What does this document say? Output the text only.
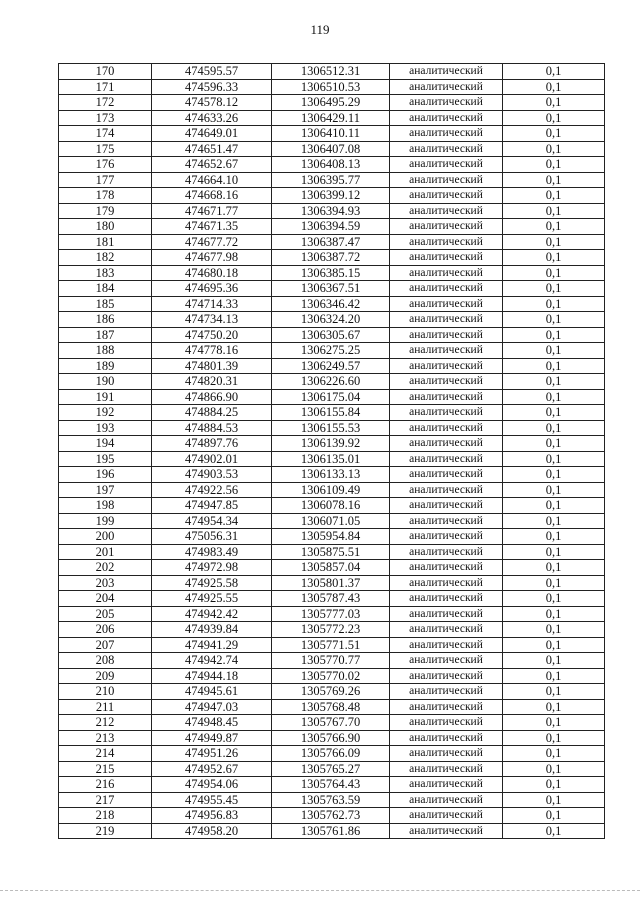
119
170	474595.57	1306512.31	аналитический	0,1
171	474596.33	1306510.53	аналитический	0,1
172	474578.12	1306495.29	аналитический	0,1
173	474633.26	1306429.11	аналитический	0,1
174	474649.01	1306410.11	аналитический	0,1
175	474651.47	1306407.08	аналитический	0,1
176	474652.67	1306408.13	аналитический	0,1
177	474664.10	1306395.77	аналитический	0,1
178	474668.16	1306399.12	аналитический	0,1
179	474671.77	1306394.93	аналитический	0,1
180	474671.35	1306394.59	аналитический	0,1
181	474677.72	1306387.47	аналитический	0,1
182	474677.98	1306387.72	аналитический	0,1
183	474680.18	1306385.15	аналитический	0,1
184	474695.36	1306367.51	аналитический	0,1
185	474714.33	1306346.42	аналитический	0,1
186	474734.13	1306324.20	аналитический	0,1
187	474750.20	1306305.67	аналитический	0,1
188	474778.16	1306275.25	аналитический	0,1
189	474801.39	1306249.57	аналитический	0,1
190	474820.31	1306226.60	аналитический	0,1
191	474866.90	1306175.04	аналитический	0,1
192	474884.25	1306155.84	аналитический	0,1
193	474884.53	1306155.53	аналитический	0,1
194	474897.76	1306139.92	аналитический	0,1
195	474902.01	1306135.01	аналитический	0,1
196	474903.53	1306133.13	аналитический	0,1
197	474922.56	1306109.49	аналитический	0,1
198	474947.85	1306078.16	аналитический	0,1
199	474954.34	1306071.05	аналитический	0,1
200	475056.31	1305954.84	аналитический	0,1
201	474983.49	1305875.51	аналитический	0,1
202	474972.98	1305857.04	аналитический	0,1
203	474925.58	1305801.37	аналитический	0,1
204	474925.55	1305787.43	аналитический	0,1
205	474942.42	1305777.03	аналитический	0,1
206	474939.84	1305772.23	аналитический	0,1
207	474941.29	1305771.51	аналитический	0,1
208	474942.74	1305770.77	аналитический	0,1
209	474944.18	1305770.02	аналитический	0,1
210	474945.61	1305769.26	аналитический	0,1
211	474947.03	1305768.48	аналитический	0,1
212	474948.45	1305767.70	аналитический	0,1
213	474949.87	1305766.90	аналитический	0,1
214	474951.26	1305766.09	аналитический	0,1
215	474952.67	1305765.27	аналитический	0,1
216	474954.06	1305764.43	аналитический	0,1
217	474955.45	1305763.59	аналитический	0,1
218	474956.83	1305762.73	аналитический	0,1
219	474958.20	1305761.86	аналитический	0,1
